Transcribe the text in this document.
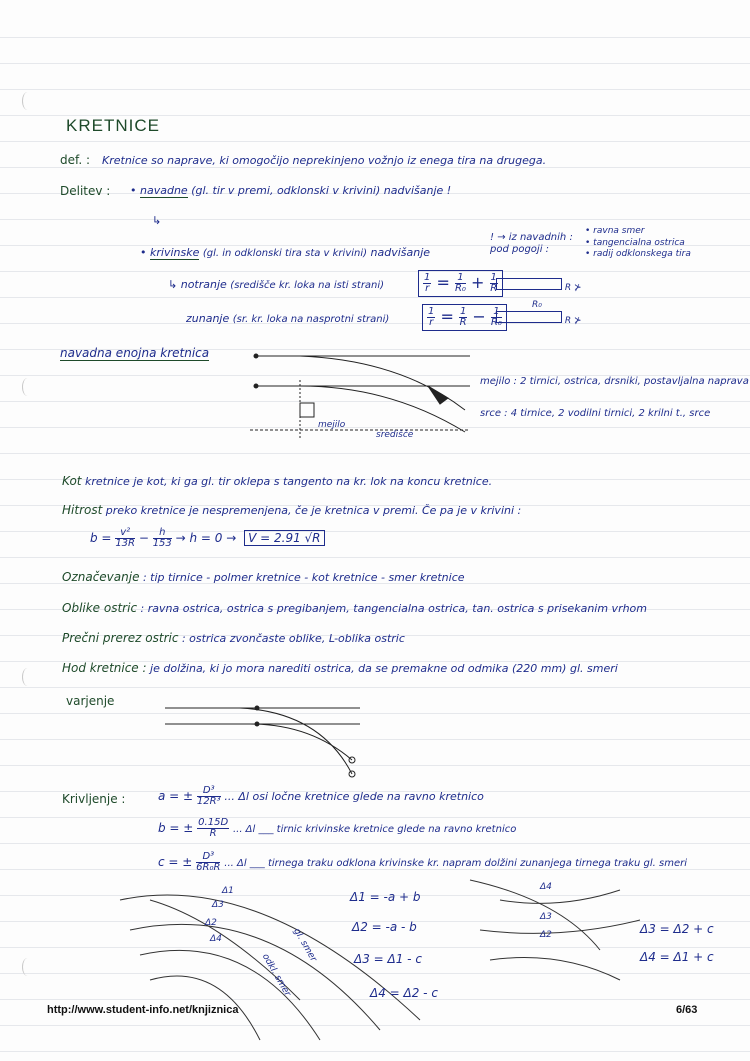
KRETNICE
def. : Kretnice so naprave, ki omogočijo neprekinjeno vožnjo iz enega tira na drugega.
Delitev : • navadne (gl. tir v premi, odklonski v krivini) nadvišanje !
↳
• krivinske (gl. in odklonski tira sta v krivini) nadvišanje
! → iz navadnih :
pod pogoji :
• ravna smer
• tangencialna ostrica
• radij odklonskega tira
↳ notranje (središče kr. loka na isti strani)	$\frac{1}{r} = \frac{1}{\text{R₀}} + \frac{1}{R}$	R ⊁
zunanje (sr. kr. loka na nasprotni strani)	$\frac{1}{r} = \frac{1}{R} - \frac{1}{\text{R₀}}$
R₀
R ⊁
navadna enojna kretnica
mejilo
središče
mejilo : 2 tirnici, ostrica, drsniki, postavljalna naprava
srce : 4 tirnice, 2 vodilni tirnici, 2 krilni t., srce
Kot kretnice je kot, ki ga gl. tir oklepa s tangento na kr. lok na koncu kretnice.
Hitrost preko kretnice je nespremenjena, če je kretnica v premi. Če pa je v krivini :
$b = \frac{\text{v²}}{13R} - \frac{h}{153} \to h = 0 \to V = 2.91$ √R
Označevanje : tip tirnice - polmer kretnice - kot kretnice - smer kretnice
Oblike ostric : ravna ostrica, ostrica s pregibanjem, tangencialna ostrica, tan. ostrica s prisekanim vrhom
Prečni prerez ostric : ostrica zvončaste oblike, L-oblika ostric
Hod kretnice : je dolžina, ki jo mora narediti ostrica, da se premakne od odmika (220 mm) gl. smeri
varjenje
Krivljenje :	a = ± $\frac{\text{D³}}{\text{12R³}}$ ... Δl osi ločne kretnice glede na ravno kretnico
b = ± $\frac{0.15D}{R}$ ... Δl ___ tirnic krivinske kretnice glede na ravno kretnico
c = ± $\frac{\text{D³}}{\text{6R₀R}}$ ... Δl ___ tirnega traku odklona krivinske kr. napram dolžini zunanjega tirnega traku gl. smeri
Δ1
Δ3
Δ2
Δ4	gl. smer
odkl. smer
Δ1 = -a + b
Δ2 = -a - b
Δ3 = Δ1 - c
Δ4 = Δ2 - c
Δ4
Δ3
Δ2	Δ3 = Δ2 + c
Δ4 = Δ1 + c
http://www.student-info.net/knjiznica	6/63
